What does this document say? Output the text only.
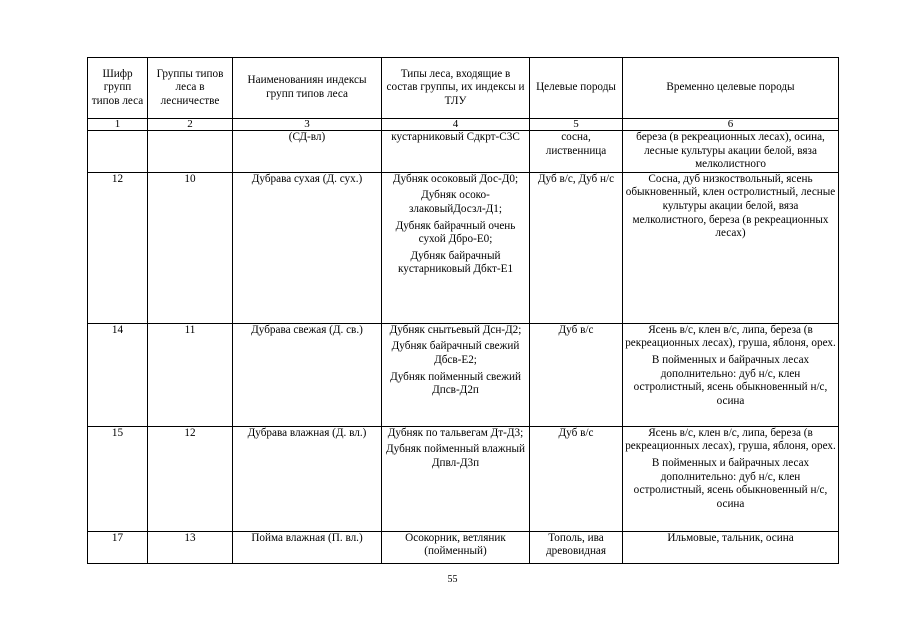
Шифр групп типов леса	Группы типов леса в лесничестве	Наименованиян индексы групп типов леса	Типы леса, входящие в состав группы, их индексы и ТЛУ	Целевые породы	Временно целевые породы
1	2	3	4	5	6
		(СД-вл)	кустарниковый Сдкрт-С3С	сосна, лиственница	береза (в рекреационных лесах), осина, лесные культуры акации белой, вяза мелколистного

12	10	Дубрава сухая (Д. сух.)	Дубняк осоковый Дос-Д0;
Дубняк осоко-злаковыйДосзл-Д1;
Дубняк байрачный очень сухой Дбро-Е0;
Дубняк байрачный кустарниковый Дбкт-Е1	Дуб в/с, Дуб н/с	Сосна, дуб низкоствольный, ясень обыкновенный, клен остролистный, лесные культуры акации белой, вяза мелколистного, береза (в рекреационных лесах)

14	11	Дубрава свежая (Д. св.)	Дубняк снытьевый Дсн-Д2;
Дубняк байрачный свежий Дбсв-Е2;
Дубняк пойменный свежий Дпсв-Д2п	Дуб в/с	Ясень в/с, клен в/с, липа, береза (в рекреационных лесах), груша, яблоня, орех.
В пойменных и байрачных лесах дополнительно: дуб н/с, клен остролистный, ясень обыкновенный н/с, осина

15	12	Дубрава влажная (Д. вл.)	Дубняк по тальвегам Дт-Д3;
Дубняк пойменный влажный Дпвл-Д3п	Дуб в/с	Ясень в/с, клен в/с, липа, береза (в рекреационных лесах), груша, яблоня, орех.
В пойменных и байрачных лесах дополнительно: дуб н/с, клен остролистный, ясень обыкновенный н/с, осина

17	13	Пойма влажная (П. вл.)	Осокорник, ветляник (пойменный)	Тополь, ива древовидная	Ильмовые, тальник, осина
55
